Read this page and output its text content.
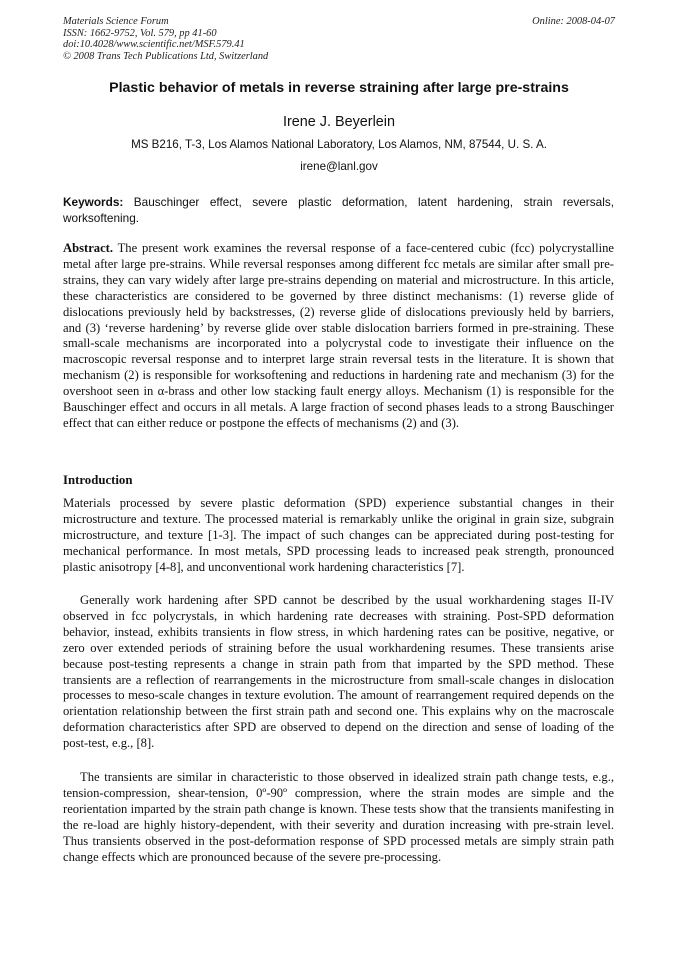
Materials Science Forum
ISSN: 1662-9752, Vol. 579, pp 41-60
doi:10.4028/www.scientific.net/MSF.579.41
© 2008 Trans Tech Publications Ltd, Switzerland
Online: 2008-04-07
Plastic behavior of metals in reverse straining after large pre-strains
Irene J. Beyerlein
MS B216, T-3, Los Alamos National Laboratory, Los Alamos, NM, 87544, U. S. A.
irene@lanl.gov
Keywords: Bauschinger effect, severe plastic deformation, latent hardening, strain reversals, worksoftening.
Abstract. The present work examines the reversal response of a face-centered cubic (fcc) polycrystalline metal after large pre-strains. While reversal responses among different fcc metals are similar after small pre-strains, they can vary widely after large pre-strains depending on material and microstructure. In this article, these characteristics are considered to be governed by three distinct mechanisms: (1) reverse glide of dislocations previously held by backstresses, (2) reverse glide of dislocations previously held by barriers, and (3) ‘reverse hardening’ by reverse glide over stable dislocation barriers formed in pre-straining. These small-scale mechanisms are incorporated into a polycrystal code to investigate their influence on the macroscopic reversal response and to interpret large strain reversal tests in the literature. It is shown that mechanism (2) is responsible for worksoftening and reductions in hardening rate and mechanism (3) for the overshoot seen in α-brass and other low stacking fault energy alloys. Mechanism (1) is responsible for the Bauschinger effect and occurs in all metals. A large fraction of second phases leads to a strong Bauschinger effect that can either reduce or postpone the effects of mechanisms (2) and (3).
Introduction

Materials processed by severe plastic deformation (SPD) experience substantial changes in their microstructure and texture. The processed material is remarkably unlike the original in grain size, subgrain microstructure, and texture [1-3]. The impact of such changes can be appreciated during post-testing for mechanical performance. In most metals, SPD processing leads to increased peak strength, pronounced plastic anisotropy [4-8], and unconventional work hardening characteristics [7].

Generally work hardening after SPD cannot be described by the usual workhardening stages II-IV observed in fcc polycrystals, in which hardening rate decreases with straining. Post-SPD deformation behavior, instead, exhibits transients in flow stress, in which hardening rates can be positive, negative, or zero over extended periods of straining before the usual workhardening resumes. These transients arise because post-testing represents a change in strain path from that imparted by the SPD method. These transients are a reflection of rearrangements in the microstructure from small-scale changes in dislocation processes to meso-scale changes in texture evolution. The amount of rearrangement required depends on the orientation relationship between the first strain path and second one. This explains why on the macroscale deformation characteristics after SPD are observed to depend on the direction and sense of loading of the post-test, e.g., [8].

The transients are similar in characteristic to those observed in idealized strain path change tests, e.g., tension-compression, shear-tension, 0º-90º compression, where the strain modes are simple and the reorientation imparted by the strain path change is known. These tests show that the transients manifesting in the re-load are highly history-dependent, with their severity and duration increasing with pre-strain level. Thus transients observed in the post-deformation response of SPD processed metals are simply strain path change effects which are pronounced because of the severe pre-processing.
